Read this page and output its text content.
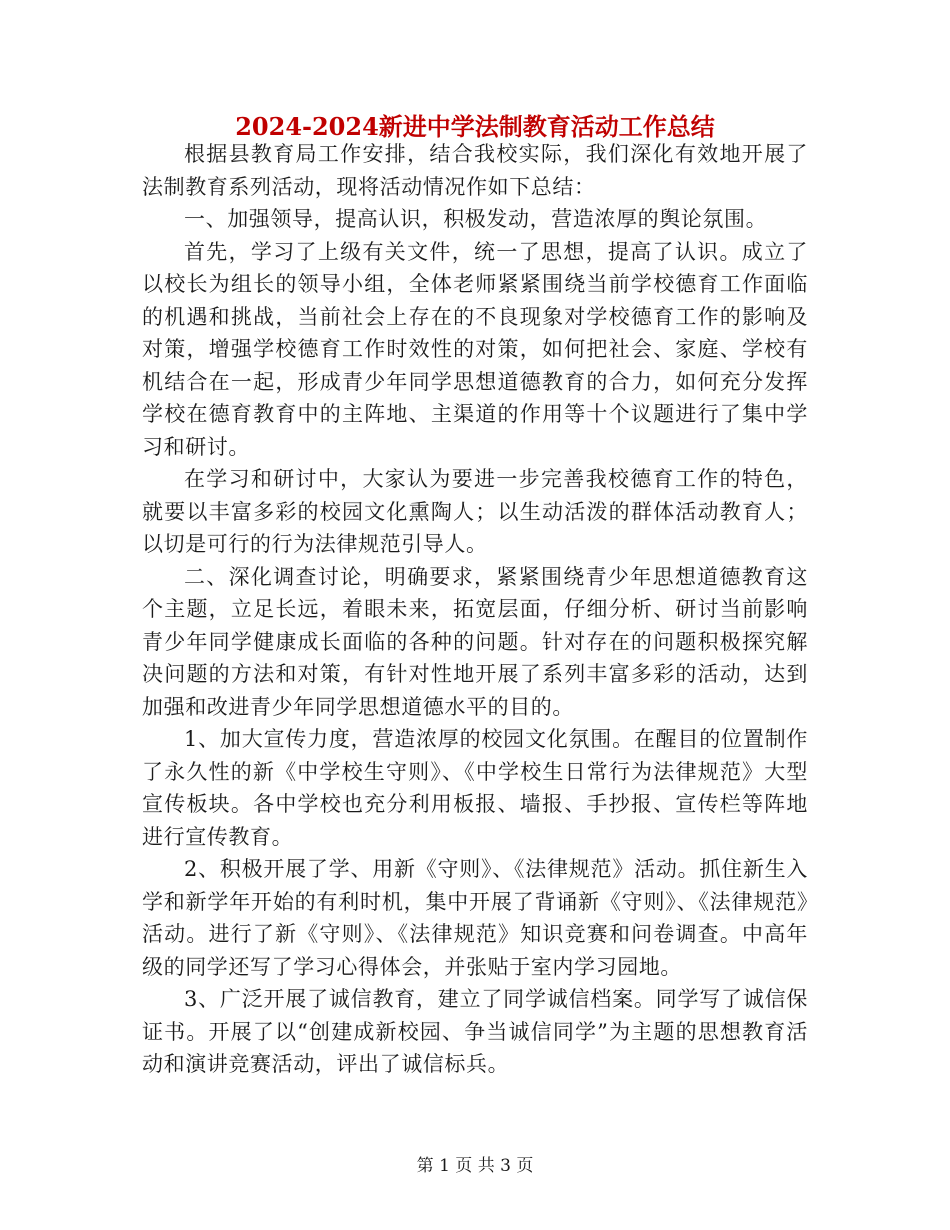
2024-2024新进中学法制教育活动工作总结

根据县教育局工作安排，结合我校实际，我们深化有效地开展了法制教育系列活动，现将活动情况作如下总结：

一、加强领导，提高认识，积极发动，营造浓厚的舆论氛围。

首先，学习了上级有关文件，统一了思想，提高了认识。成立了以校长为组长的领导小组，全体老师紧紧围绕当前学校德育工作面临的机遇和挑战，当前社会上存在的不良现象对学校德育工作的影响及对策，增强学校德育工作时效性的对策，如何把社会、家庭、学校有机结合在一起，形成青少年同学思想道德教育的合力，如何充分发挥学校在德育教育中的主阵地、主渠道的作用等十个议题进行了集中学习和研讨。

在学习和研讨中，大家认为要进一步完善我校德育工作的特色，就要以丰富多彩的校园文化熏陶人；以生动活泼的群体活动教育人；以切是可行的行为法律规范引导人。

二、深化调查讨论，明确要求，紧紧围绕青少年思想道德教育这个主题，立足长远，着眼未来，拓宽层面，仔细分析、研讨当前影响青少年同学健康成长面临的各种的问题。针对存在的问题积极探究解决问题的方法和对策，有针对性地开展了系列丰富多彩的活动，达到加强和改进青少年同学思想道德水平的目的。

1、加大宣传力度，营造浓厚的校园文化氛围。在醒目的位置制作了永久性的新《中学校生守则》、《中学校生日常行为法律规范》大型宣传板块。各中学校也充分利用板报、墙报、手抄报、宣传栏等阵地进行宣传教育。

2、积极开展了学、用新《守则》、《法律规范》活动。抓住新生入学和新学年开始的有利时机，集中开展了背诵新《守则》、《法律规范》活动。进行了新《守则》、《法律规范》知识竞赛和问卷调查。中高年级的同学还写了学习心得体会，并张贴于室内学习园地。

3、广泛开展了诚信教育，建立了同学诚信档案。同学写了诚信保证书。开展了以“创建成新校园、争当诚信同学”为主题的思想教育活动和演讲竞赛活动，评出了诚信标兵。

第 1 页 共 3 页
